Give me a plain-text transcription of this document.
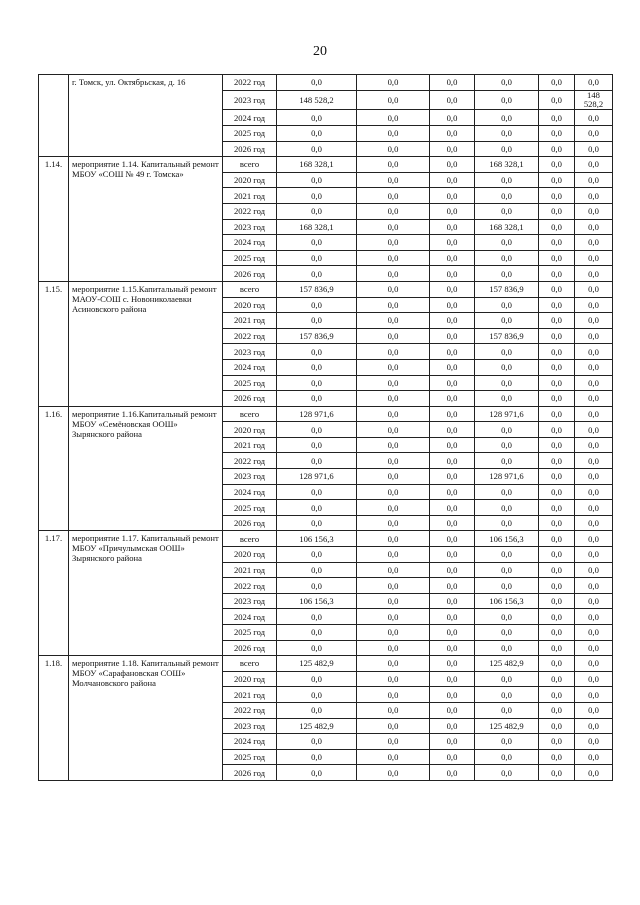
20
	г. Томск, ул. Октябрьская, д. 16	2022 год	0,0	0,0	0,0	0,0	0,0	0,0
		2023 год	148 528,2	0,0	0,0	0,0	0,0	148 528,2
		2024 год	0,0	0,0	0,0	0,0	0,0	0,0
		2025 год	0,0	0,0	0,0	0,0	0,0	0,0
		2026 год	0,0	0,0	0,0	0,0	0,0	0,0
1.14.	мероприятие 1.14. Капитальный ремонт МБОУ «СОШ № 49 г. Томска»	всего	168 328,1	0,0	0,0	168 328,1	0,0	0,0
		2020 год	0,0	0,0	0,0	0,0	0,0	0,0
		2021 год	0,0	0,0	0,0	0,0	0,0	0,0
		2022 год	0,0	0,0	0,0	0,0	0,0	0,0
		2023 год	168 328,1	0,0	0,0	168 328,1	0,0	0,0
		2024 год	0,0	0,0	0,0	0,0	0,0	0,0
		2025 год	0,0	0,0	0,0	0,0	0,0	0,0
		2026 год	0,0	0,0	0,0	0,0	0,0	0,0
1.15.	мероприятие 1.15.Капитальный ремонт МАОУ-СОШ с. Новониколаевки Асиновского района	всего	157 836,9	0,0	0,0	157 836,9	0,0	0,0
		2020 год	0,0	0,0	0,0	0,0	0,0	0,0
		2021 год	0,0	0,0	0,0	0,0	0,0	0,0
		2022 год	157 836,9	0,0	0,0	157 836,9	0,0	0,0
		2023 год	0,0	0,0	0,0	0,0	0,0	0,0
		2024 год	0,0	0,0	0,0	0,0	0,0	0,0
		2025 год	0,0	0,0	0,0	0,0	0,0	0,0
		2026 год	0,0	0,0	0,0	0,0	0,0	0,0
1.16.	мероприятие 1.16.Капитальный ремонт МБОУ «Семёновская ООШ» Зырянского района	всего	128 971,6	0,0	0,0	128 971,6	0,0	0,0
		2020 год	0,0	0,0	0,0	0,0	0,0	0,0
		2021 год	0,0	0,0	0,0	0,0	0,0	0,0
		2022 год	0,0	0,0	0,0	0,0	0,0	0,0
		2023 год	128 971,6	0,0	0,0	128 971,6	0,0	0,0
		2024 год	0,0	0,0	0,0	0,0	0,0	0,0
		2025 год	0,0	0,0	0,0	0,0	0,0	0,0
		2026 год	0,0	0,0	0,0	0,0	0,0	0,0
1.17.	мероприятие 1.17. Капитальный ремонт МБОУ «Причулымская ООШ» Зырянского района	всего	106 156,3	0,0	0,0	106 156,3	0,0	0,0
		2020 год	0,0	0,0	0,0	0,0	0,0	0,0
		2021 год	0,0	0,0	0,0	0,0	0,0	0,0
		2022 год	0,0	0,0	0,0	0,0	0,0	0,0
		2023 год	106 156,3	0,0	0,0	106 156,3	0,0	0,0
		2024 год	0,0	0,0	0,0	0,0	0,0	0,0
		2025 год	0,0	0,0	0,0	0,0	0,0	0,0
		2026 год	0,0	0,0	0,0	0,0	0,0	0,0
1.18.	мероприятие 1.18. Капитальный ремонт МБОУ «Сарафановская СОШ» Молчановского района	всего	125 482,9	0,0	0,0	125 482,9	0,0	0,0
		2020 год	0,0	0,0	0,0	0,0	0,0	0,0
		2021 год	0,0	0,0	0,0	0,0	0,0	0,0
		2022 год	0,0	0,0	0,0	0,0	0,0	0,0
		2023 год	125 482,9	0,0	0,0	125 482,9	0,0	0,0
		2024 год	0,0	0,0	0,0	0,0	0,0	0,0
		2025 год	0,0	0,0	0,0	0,0	0,0	0,0
		2026 год	0,0	0,0	0,0	0,0	0,0	0,0
